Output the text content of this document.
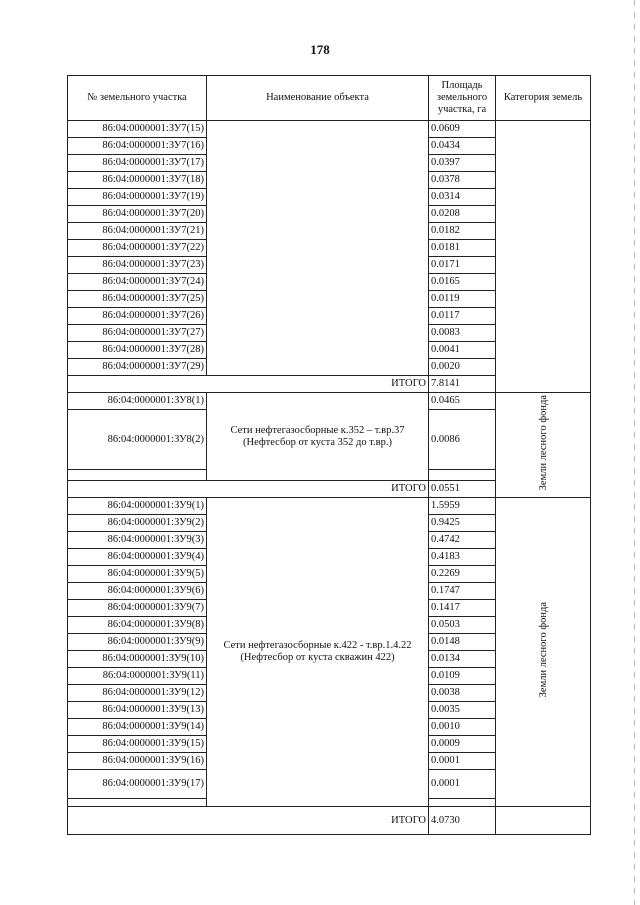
178
№ земельного участка	Наименование объекта	Площадь земельного участка, га	Категория земель
86:04:0000001:ЗУ7(15)		0.0609	
86:04:0000001:ЗУ7(16)		0.0434	
86:04:0000001:ЗУ7(17)		0.0397	
86:04:0000001:ЗУ7(18)		0.0378	
86:04:0000001:ЗУ7(19)		0.0314	
86:04:0000001:ЗУ7(20)		0.0208	
86:04:0000001:ЗУ7(21)		0.0182	
86:04:0000001:ЗУ7(22)		0.0181	
86:04:0000001:ЗУ7(23)		0.0171	
86:04:0000001:ЗУ7(24)		0.0165	
86:04:0000001:ЗУ7(25)		0.0119	
86:04:0000001:ЗУ7(26)		0.0117	
86:04:0000001:ЗУ7(27)		0.0083	
86:04:0000001:ЗУ7(28)		0.0041	
86:04:0000001:ЗУ7(29)		0.0020	
ИТОГО		7.8141	
86:04:0000001:ЗУ8(1)	Сети нефтегазосборные к.352 – т.вр.37 (Нефтесбор от куста 352 до т.вр.)	0.0465	Земли лесного фонда
86:04:0000001:ЗУ8(2)		0.0086	

ИТОГО		0.0551	
86:04:0000001:ЗУ9(1)	Сети нефтегазосборные к.422 - т.вр.1.4.22 (Нефтесбор от куста скважин 422)	1.5959	Земли лесного фонда
86:04:0000001:ЗУ9(2)		0.9425	
86:04:0000001:ЗУ9(3)		0.4742	
86:04:0000001:ЗУ9(4)		0.4183	
86:04:0000001:ЗУ9(5)		0.2269	
86:04:0000001:ЗУ9(6)		0.1747	
86:04:0000001:ЗУ9(7)		0.1417	
86:04:0000001:ЗУ9(8)		0.0503	
86:04:0000001:ЗУ9(9)		0.0148	
86:04:0000001:ЗУ9(10)		0.0134	
86:04:0000001:ЗУ9(11)		0.0109	
86:04:0000001:ЗУ9(12)		0.0038	
86:04:0000001:ЗУ9(13)		0.0035	
86:04:0000001:ЗУ9(14)		0.0010	
86:04:0000001:ЗУ9(15)		0.0009	
86:04:0000001:ЗУ9(16)		0.0001	
86:04:0000001:ЗУ9(17)		0.0001	

ИТОГО		4.0730	
